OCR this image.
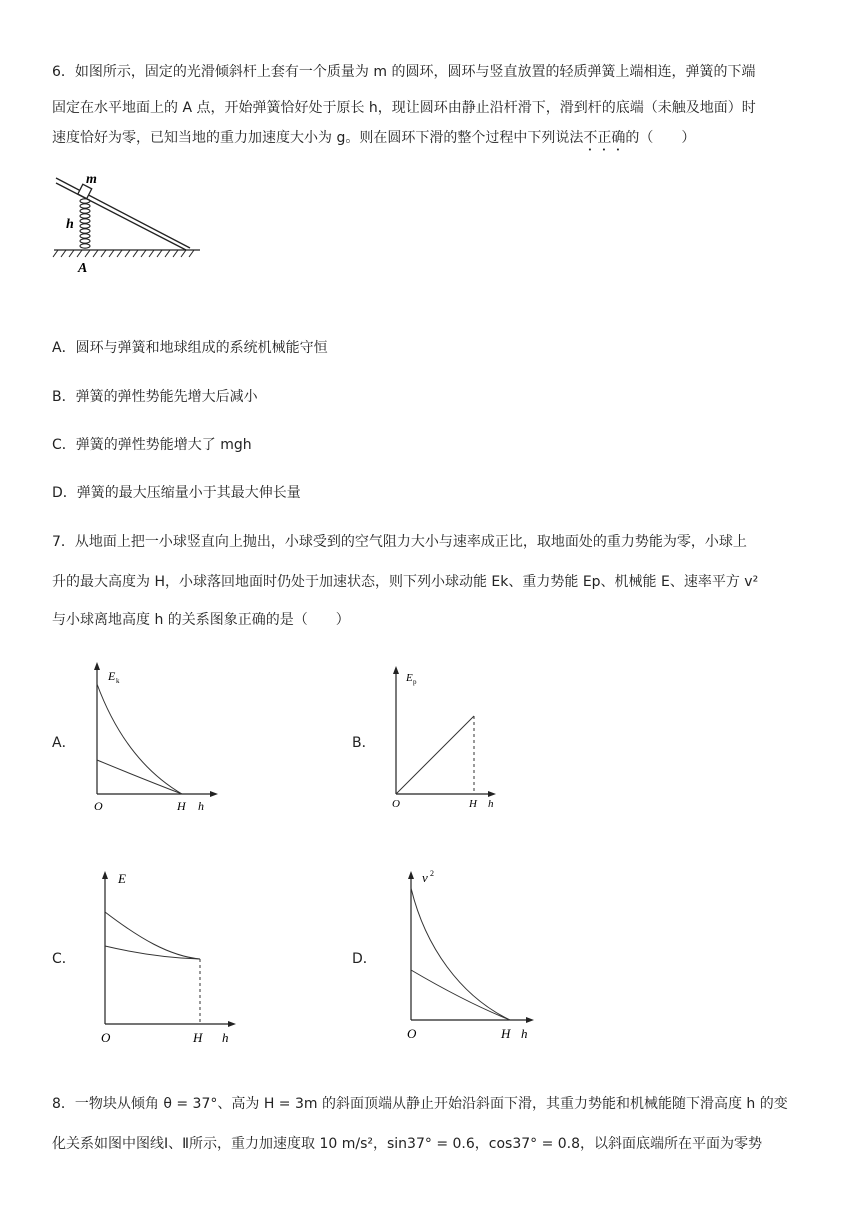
6．如图所示，固定的光滑倾斜杆上套有一个质量为 m 的圆环，圆环与竖直放置的轻质弹簧上端相连，弹簧的下端
固定在水平地面上的 A 点，开始弹簧恰好处于原长 h，现让圆环由静止沿杆滑下，滑到杆的底端（未触及地面）时
速度恰好为零，已知当地的重力加速度大小为 g。则在圆环下滑的整个过程中下列说法不正确的（　　）
m
h
A
A．圆环与弹簧和地球组成的系统机械能守恒
B．弹簧的弹性势能先增大后减小
C．弹簧的弹性势能增大了 mgh
D．弹簧的最大压缩量小于其最大伸长量
7．从地面上把一小球竖直向上抛出，小球受到的空气阻力大小与速率成正比，取地面处的重力势能为零，小球上
升的最大高度为 H，小球落回地面时仍处于加速状态，则下列小球动能 Ek、重力势能 Ep、机械能 E、速率平方 v²
与小球离地高度 h 的关系图象正确的是（　　）
A．	B．
C．	D．
E k
O	H h
E p
O	H h
E
O	H h
v 2
O	H h
8．一物块从倾角 θ = 37°、高为 H = 3m 的斜面顶端从静止开始沿斜面下滑，其重力势能和机械能随下滑高度 h 的变
化关系如图中图线Ⅰ、Ⅱ所示，重力加速度取 10 m/s²，sin37° = 0.6，cos37° = 0.8，以斜面底端所在平面为零势
